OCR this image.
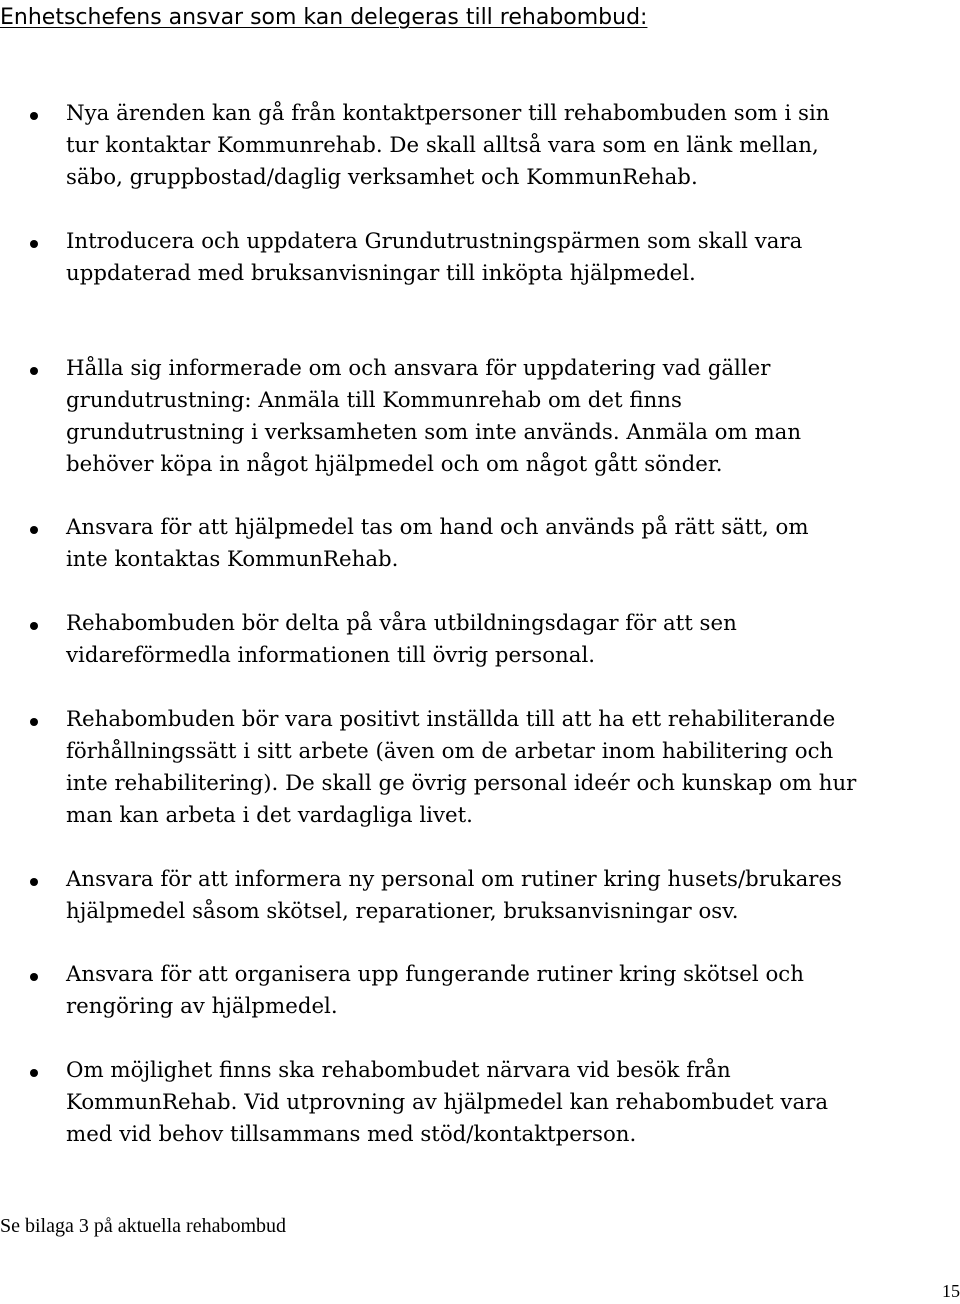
Enhetschefens ansvar som kan delegeras till rehabombud:
Nya ärenden kan gå från kontaktpersoner till rehabombuden som i sin
tur kontaktar Kommunrehab. De skall alltså vara som en länk mellan,
säbo, gruppbostad/daglig verksamhet och KommunRehab.
Introducera och uppdatera Grundutrustningspärmen som skall vara
uppdaterad med bruksanvisningar till inköpta hjälpmedel.
Hålla sig informerade om och ansvara för uppdatering vad gäller
grundutrustning: Anmäla till Kommunrehab om det finns
grundutrustning i verksamheten som inte används. Anmäla om man
behöver köpa in något hjälpmedel och om något gått sönder.
Ansvara för att hjälpmedel tas om hand och används på rätt sätt, om
inte kontaktas KommunRehab.
Rehabombuden bör delta på våra utbildningsdagar för att sen
vidareförmedla informationen till övrig personal.
Rehabombuden bör vara positivt inställda till att ha ett rehabiliterande
förhållningssätt i sitt arbete (även om de arbetar inom habilitering och
inte rehabilitering). De skall ge övrig personal ideér och kunskap om hur
man kan arbeta i det vardagliga livet.
Ansvara för att informera ny personal om rutiner kring husets/brukares
hjälpmedel såsom skötsel, reparationer, bruksanvisningar osv.
Ansvara för att organisera upp fungerande rutiner kring skötsel och
rengöring av hjälpmedel.
Om möjlighet finns ska rehabombudet närvara vid besök från
KommunRehab. Vid utprovning av hjälpmedel kan rehabombudet vara
med vid behov tillsammans med stöd/kontaktperson.
Se bilaga 3 på aktuella rehabombud
15
